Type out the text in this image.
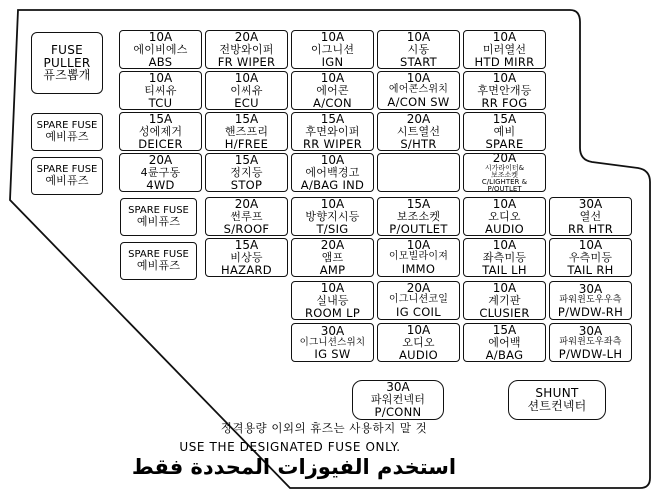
FUSE
PULLER
퓨즈뽑개
SPARE FUSE
예비퓨즈
SPARE FUSE
예비퓨즈
SPARE FUSE
예비퓨즈
SPARE FUSE
예비퓨즈
10A
에이비에스
ABS
20A
전방와이퍼
FR WIPER
10A
이그니션
IGN
10A
시동
START
10A
미러열선
HTD MIRR
10A
티씨유
TCU
10A
이씨유
ECU
10A
에어콘
A/CON
10A
에어콘스위치
A/CON SW
10A
후면안개등
RR FOG
15A
성에제거
DEICER
15A
핸즈프리
H/FREE
15A
후면와이퍼
RR WIPER
20A
시트열선
S/HTR
15A
예비
SPARE
20A
4륜구동
4WD
15A
정지등
STOP
10A
에어백경고
A/BAG IND
20A
시가라이터&
보조소켓
C/LIGHTER &
P/OUTLET
20A
썬루프
S/ROOF
10A
방향지시등
T/SIG
15A
보조소켓
P/OUTLET
10A
오디오
AUDIO
30A
열선
RR HTR
15A
비상등
HAZARD
20A
앰프
AMP
10A
이모빌라이져
IMMO
10A
좌측미등
TAIL LH
10A
우측미등
TAIL RH
10A
실내등
ROOM LP
20A
이그니션코일
IG COIL
10A
계기판
CLUSIER
30A
파워윈도우우측
P/WDW-RH
30A
이그니션스위치
IG SW
10A
오디오
AUDIO
15A
에어백
A/BAG
30A
파워윈도우좌측
P/WDW-LH
30A
파워컨넥터
P/CONN
SHUNT
션트컨넥터
정격용량 이외의 휴즈는 사용하지 말 것
USE THE DESIGNATED FUSE ONLY.
استخدم الفيوزات المحددة فقط
